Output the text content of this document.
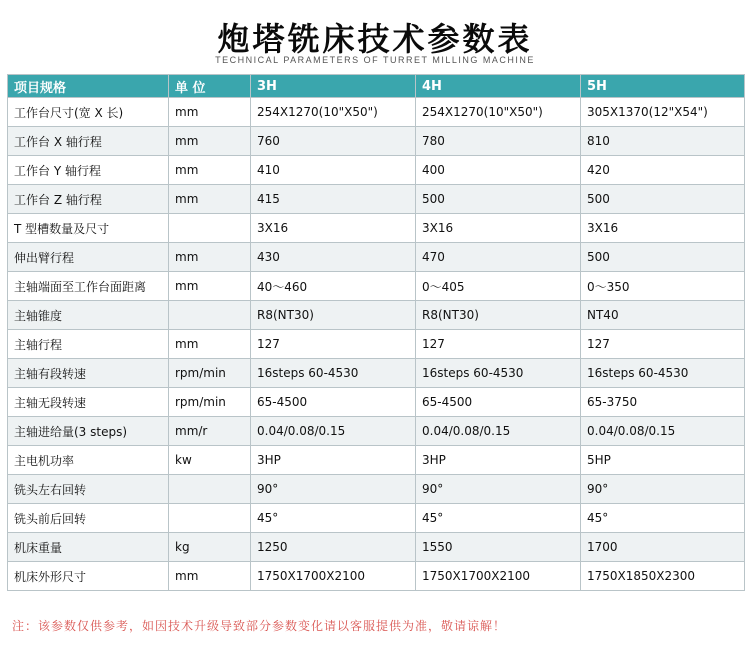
炮塔铣床技术参数表
TECHNICAL PARAMETERS OF TURRET MILLING MACHINE
项目规格	单 位	3H	4H	5H
工作台尺寸(宽 X 长)	mm	254X1270(10"X50")	254X1270(10"X50")	305X1370(12"X54")
工作台 X 轴行程	mm	760	780	810
工作台 Y 轴行程	mm	410	400	420
工作台 Z 轴行程	mm	415	500	500
T 型槽数量及尺寸		3X16	3X16	3X16
伸出臂行程	mm	430	470	500
主轴端面至工作台面距离	mm	40～460	0～405	0～350
主轴锥度		R8(NT30)	R8(NT30)	NT40
主轴行程	mm	127	127	127
主轴有段转速	rpm/min	16steps 60-4530	16steps 60-4530	16steps 60-4530
主轴无段转速	rpm/min	65-4500	65-4500	65-3750
主轴进给量(3 steps)	mm/r	0.04/0.08/0.15	0.04/0.08/0.15	0.04/0.08/0.15
主电机功率	kw	3HP	3HP	5HP
铣头左右回转		90°	90°	90°
铣头前后回转		45°	45°	45°
机床重量	kg	1250	1550	1700
机床外形尺寸	mm	1750X1700X2100	1750X1700X2100	1750X1850X2300
注：该参数仅供参考，如因技术升级导致部分参数变化请以客服提供为准，敬请谅解！
